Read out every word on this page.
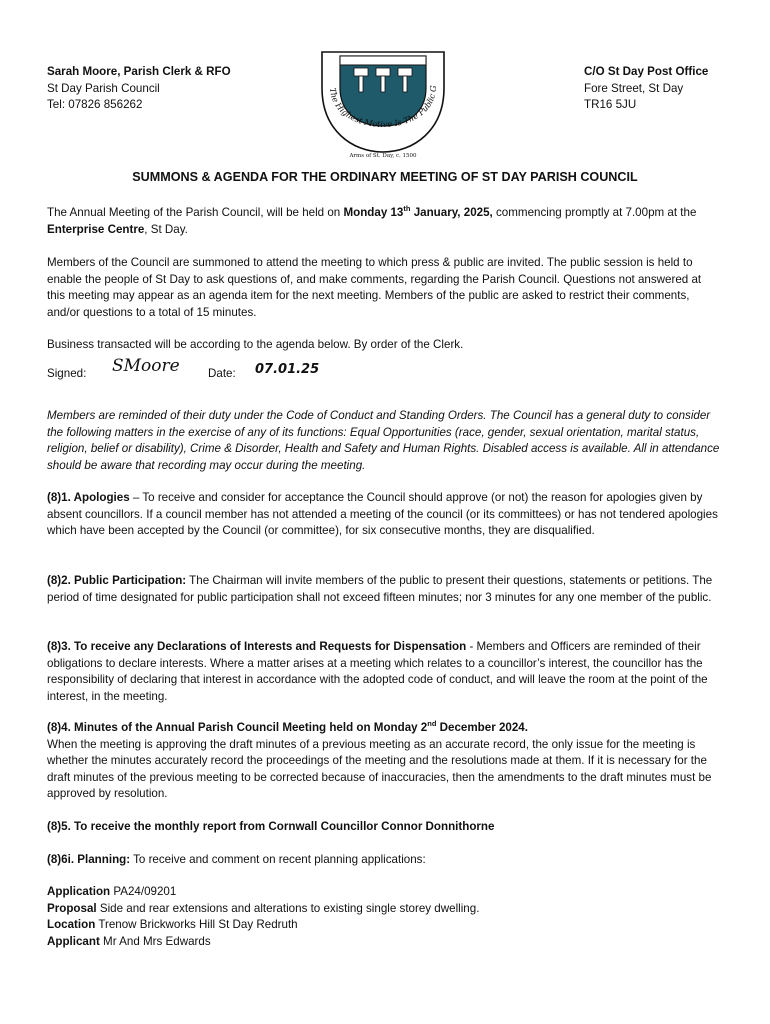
Sarah Moore, Parish Clerk & RFO
St Day Parish Council
Tel: 07826 856262
C/O St Day Post Office
Fore Street, St Day
TR16 5JU
The Highest Motive Is The Public G
Arms of St. Day, c. 1500
SUMMONS & AGENDA FOR THE ORDINARY MEETING OF ST DAY PARISH COUNCIL
The Annual Meeting of the Parish Council, will be held on Monday 13th January, 2025, commencing promptly at 7.00pm at the Enterprise Centre, St Day.
Members of the Council are summoned to attend the meeting to which press & public are invited. The public session is held to enable the people of St Day to ask questions of, and make comments, regarding the Parish Council. Questions not answered at this meeting may appear as an agenda item for the next meeting. Members of the public are asked to restrict their comments, and/or questions to a total of 15 minutes.
Business transacted will be according to the agenda below. By order of the Clerk.
Signed: SMoore Date: 07.01.25
Members are reminded of their duty under the Code of Conduct and Standing Orders. The Council has a general duty to consider the following matters in the exercise of any of its functions: Equal Opportunities (race, gender, sexual orientation, marital status, religion, belief or disability), Crime & Disorder, Health and Safety and Human Rights. Disabled access is available. All in attendance should be aware that recording may occur during the meeting.
(8)1. Apologies – To receive and consider for acceptance the Council should approve (or not) the reason for apologies given by absent councillors. If a council member has not attended a meeting of the council (or its committees) or has not tendered apologies which have been accepted by the Council (or committee), for six consecutive months, they are disqualified.
(8)2. Public Participation: The Chairman will invite members of the public to present their questions, statements or petitions. The period of time designated for public participation shall not exceed fifteen minutes; nor 3 minutes for any one member of the public.
(8)3. To receive any Declarations of Interests and Requests for Dispensation - Members and Officers are reminded of their obligations to declare interests. Where a matter arises at a meeting which relates to a councillor’s interest, the councillor has the responsibility of declaring that interest in accordance with the adopted code of conduct, and will leave the room at the point of the interest, in the meeting.
(8)4. Minutes of the Annual Parish Council Meeting held on Monday 2nd December 2024.
When the meeting is approving the draft minutes of a previous meeting as an accurate record, the only issue for the meeting is whether the minutes accurately record the proceedings of the meeting and the resolutions made at them. If it is necessary for the draft minutes of the previous meeting to be corrected because of inaccuracies, then the amendments to the draft minutes must be approved by resolution.
(8)5. To receive the monthly report from Cornwall Councillor Connor Donnithorne
(8)6i. Planning: To receive and comment on recent planning applications:
Application PA24/09201
Proposal Side and rear extensions and alterations to existing single storey dwelling.
Location Trenow Brickworks Hill St Day Redruth
Applicant Mr And Mrs Edwards
